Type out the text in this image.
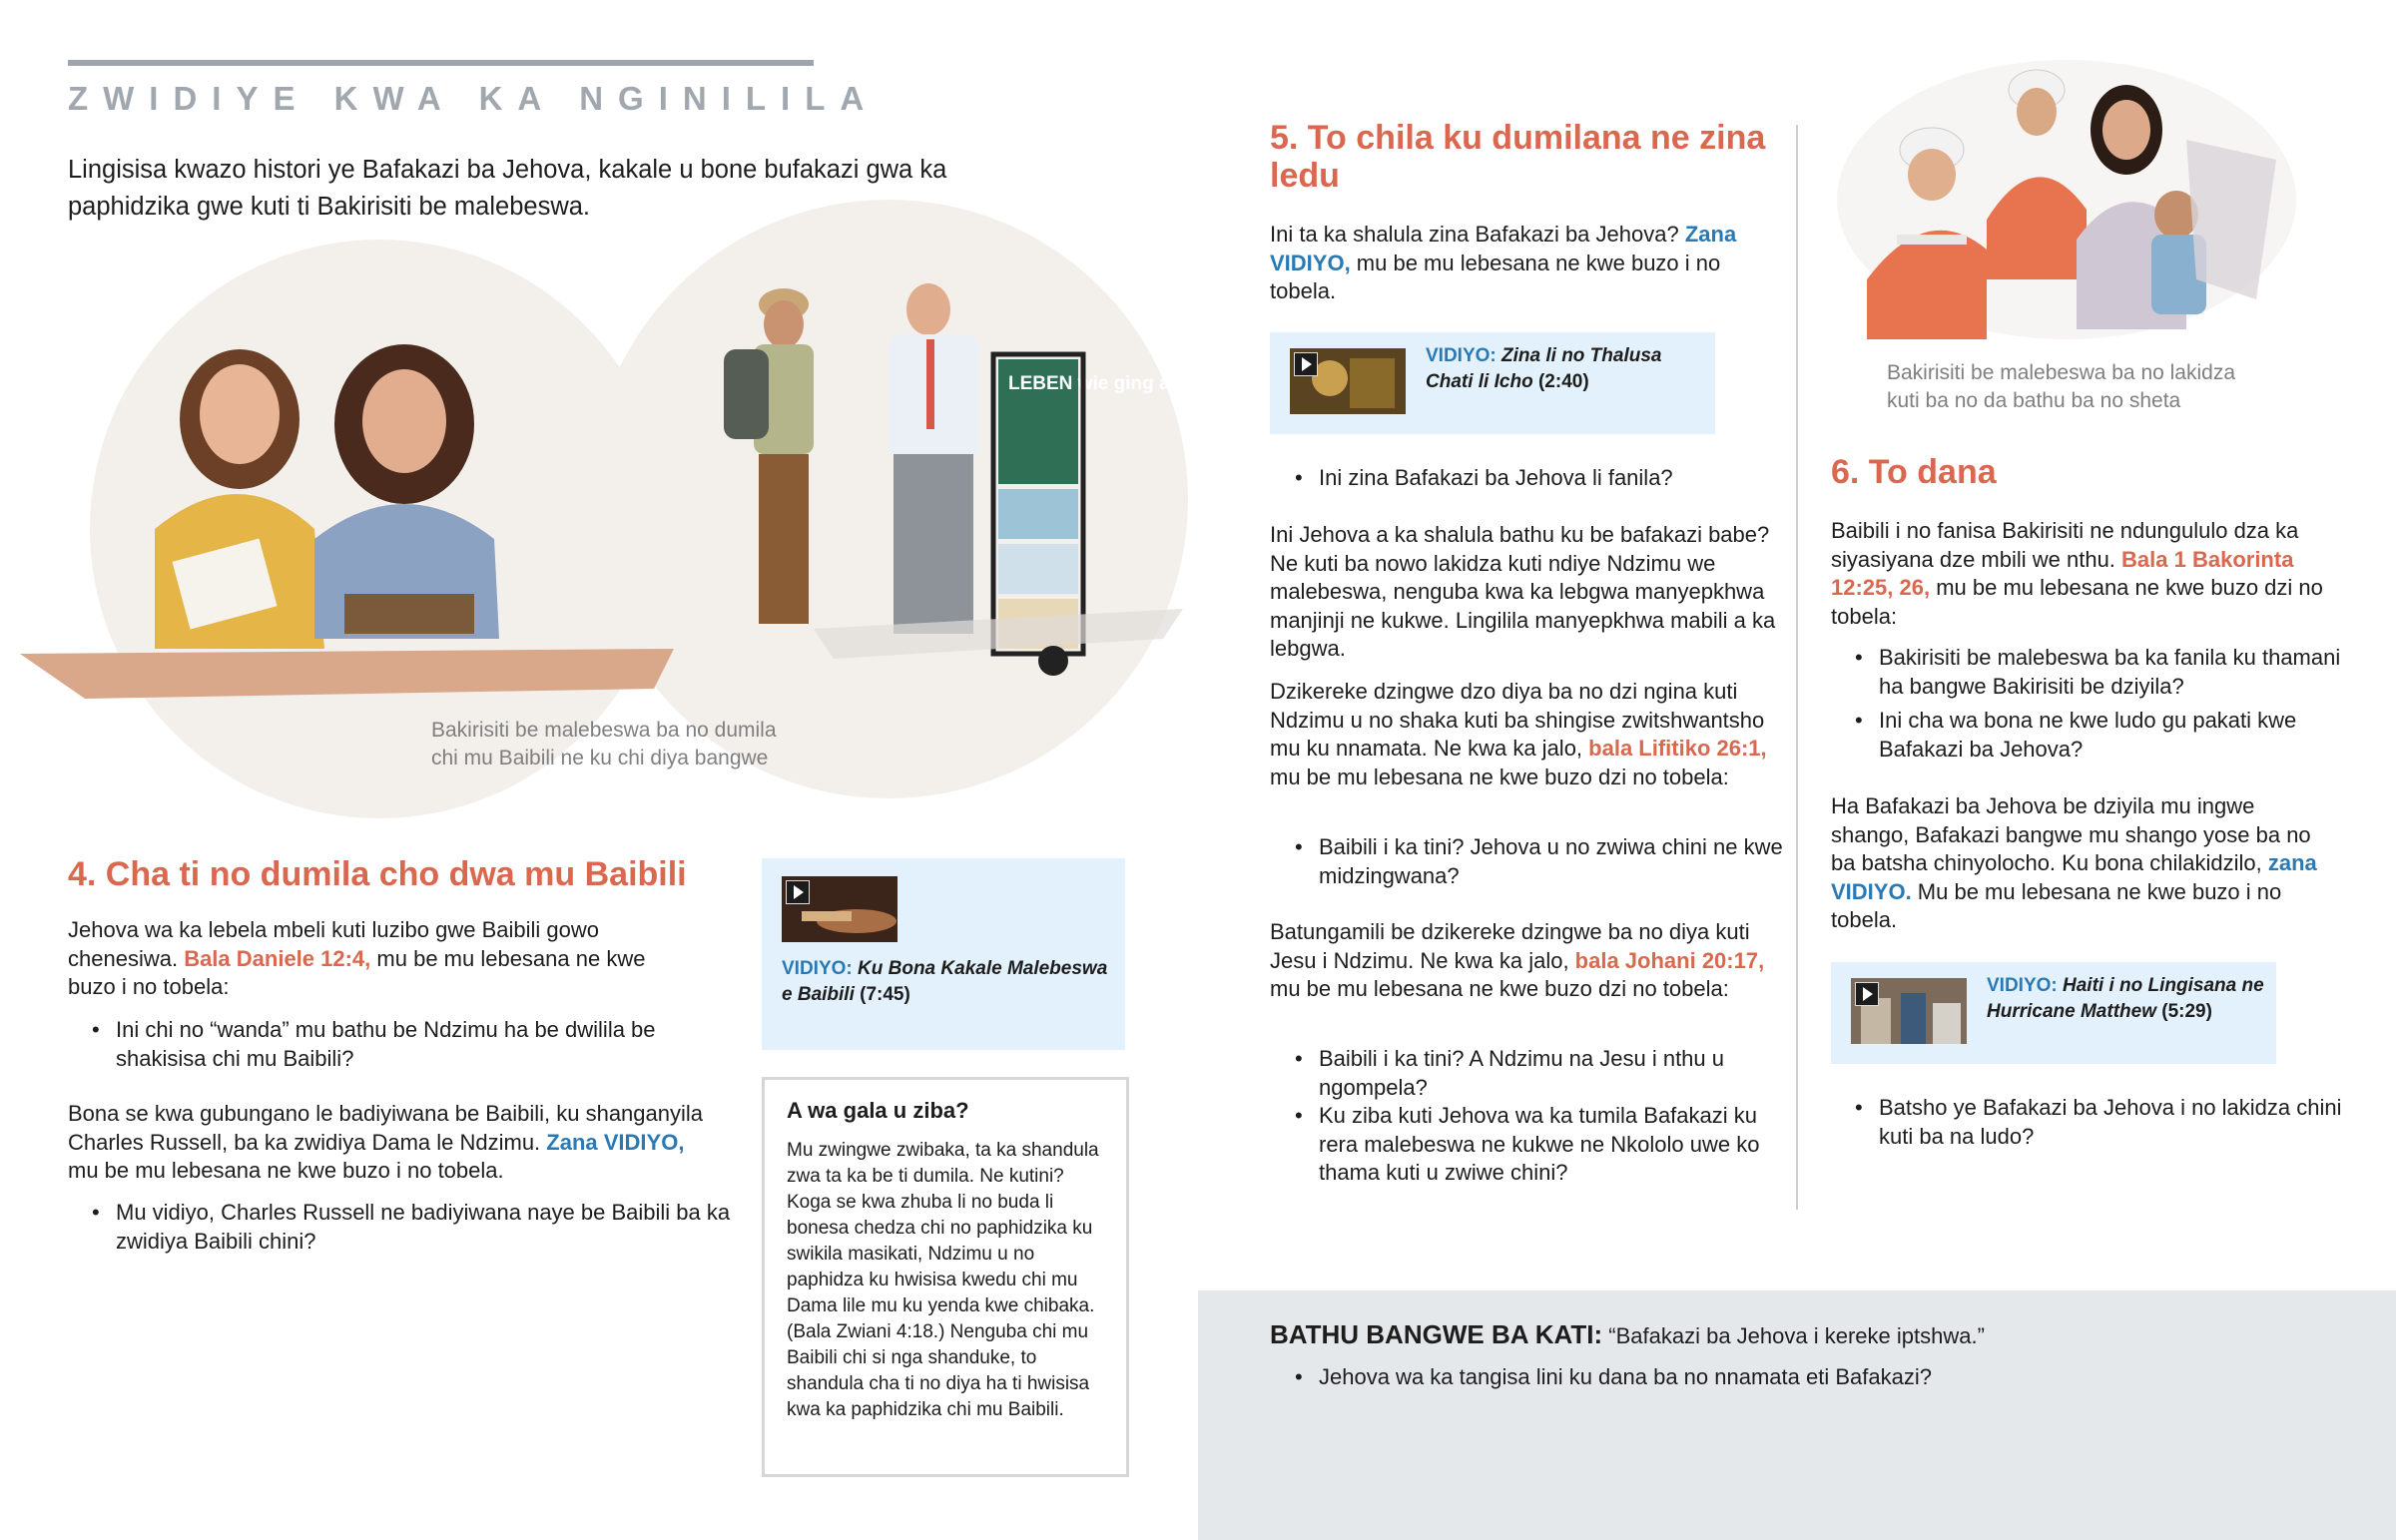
ZWIDIYE KWA KA NGINILILA

Lingisisa kwazo histori ye Bafakazi ba Jehova, kakale u bone bufakazi gwa ka paphidzika gwe kuti ti Bakirisiti be malebeswa.

LEBEN wie ging alles an?
Bakirisiti be malebeswa ba no dumila
chi mu Baibili ne ku chi diya bangwe
4. Cha ti no dumila cho dwa mu Baibili

Jehova wa ka lebela mbeli kuti luzibo gwe Baibili gowo chenesiwa. Bala Daniele 12:4, mu be mu lebesana ne kwe buzo i no tobela:

• Ini chi no “wanda” mu bathu be Ndzimu ha be dwilila be shakisisa chi mu Baibili?

Bona se kwa gubungano le badiyiwana be Baibili, ku shanganyila Charles Russell, ba ka zwidiya Dama le Ndzimu. Zana VIDIYO, mu be mu lebesana ne kwe buzo i no tobela.

• Mu vidiyo, Charles Russell ne badiyiwana naye be Baibili ba ka zwidiya Baibili chini?

VIDIYO: Ku Bona Kakale Malebeswa e Baibili (7:45)

A wa gala u ziba?

Mu zwingwe zwibaka, ta ka shandula zwa ta ka be ti dumila. Ne kutini? Koga se kwa zhuba li no buda li bonesa chedza chi no paphidzika ku swikila masikati, Ndzimu u no paphidza ku hwisisa kwedu chi mu Dama lile mu ku yenda kwe chibaka. (Bala Zwiani 4:18.) Nenguba chi mu Baibili chi si nga shanduke, to shandula cha ti no diya ha ti hwisisa kwa ka paphidzika chi mu Baibili.

5. To chila ku dumilana ne zina ledu

Ini ta ka shalula zina Bafakazi ba Jehova? Zana VIDIYO, mu be mu lebesana ne kwe buzo i no tobela.

VIDIYO: Zina li no Thalusa Chati li Icho (2:40)

• Ini zina Bafakazi ba Jehova li fanila?

Ini Jehova a ka shalula bathu ku be bafakazi babe? Ne kuti ba nowo lakidza kuti ndiye Ndzimu we malebeswa, nenguba kwa ka lebgwa manyepkhwa manjinji ne kukwe. Lingilila manyepkhwa mabili a ka lebgwa.

Dzikereke dzingwe dzo diya ba no dzi ngina kuti Ndzimu u no shaka kuti ba shingise zwitshwantsho mu ku nnamata. Ne kwa ka jalo, bala Lifitiko 26:1, mu be mu lebesana ne kwe buzo dzi no tobela:

• Baibili i ka tini? Jehova u no zwiwa chini ne kwe midzingwana?

Batungamili be dzikereke dzingwe ba no diya kuti Jesu i Ndzimu. Ne kwa ka jalo, bala Johani 20:17, mu be mu lebesana ne kwe buzo dzi no tobela:

• Baibili i ka tini? A Ndzimu na Jesu i nthu u ngompela?
• Ku ziba kuti Jehova wa ka tumila Bafakazi ku rera malebeswa ne kukwe ne Nkololo uwe ko thama kuti u zwiwe chini?
Bakirisiti be malebeswa ba no lakidza
kuti ba no da bathu ba no sheta
6. To dana

Baibili i no fanisa Bakirisiti ne ndungululo dza ka siyasiyana dze mbili we nthu. Bala 1 Bakorinta 12:25, 26, mu be mu lebesana ne kwe buzo dzi no tobela:

• Bakirisiti be malebeswa ba ka fanila ku thamani ha bangwe Bakirisiti be dziyila?
• Ini cha wa bona ne kwe ludo gu pakati kwe Bafakazi ba Jehova?

Ha Bafakazi ba Jehova be dziyila mu ingwe shango, Bafakazi bangwe mu shango yose ba no ba batsha chinyolocho. Ku bona chilakidzilo, zana VIDIYO. Mu be mu lebesana ne kwe buzo i no tobela.

VIDIYO: Haiti i no Lingisana ne Hurricane Matthew (5:29)

• Batsho ye Bafakazi ba Jehova i no lakidza chini kuti ba na ludo?

BATHU BANGWE BA KATI: “Bafakazi ba Jehova i kereke iptshwa.”

• Jehova wa ka tangisa lini ku dana ba no nnamata eti Bafakazi?
